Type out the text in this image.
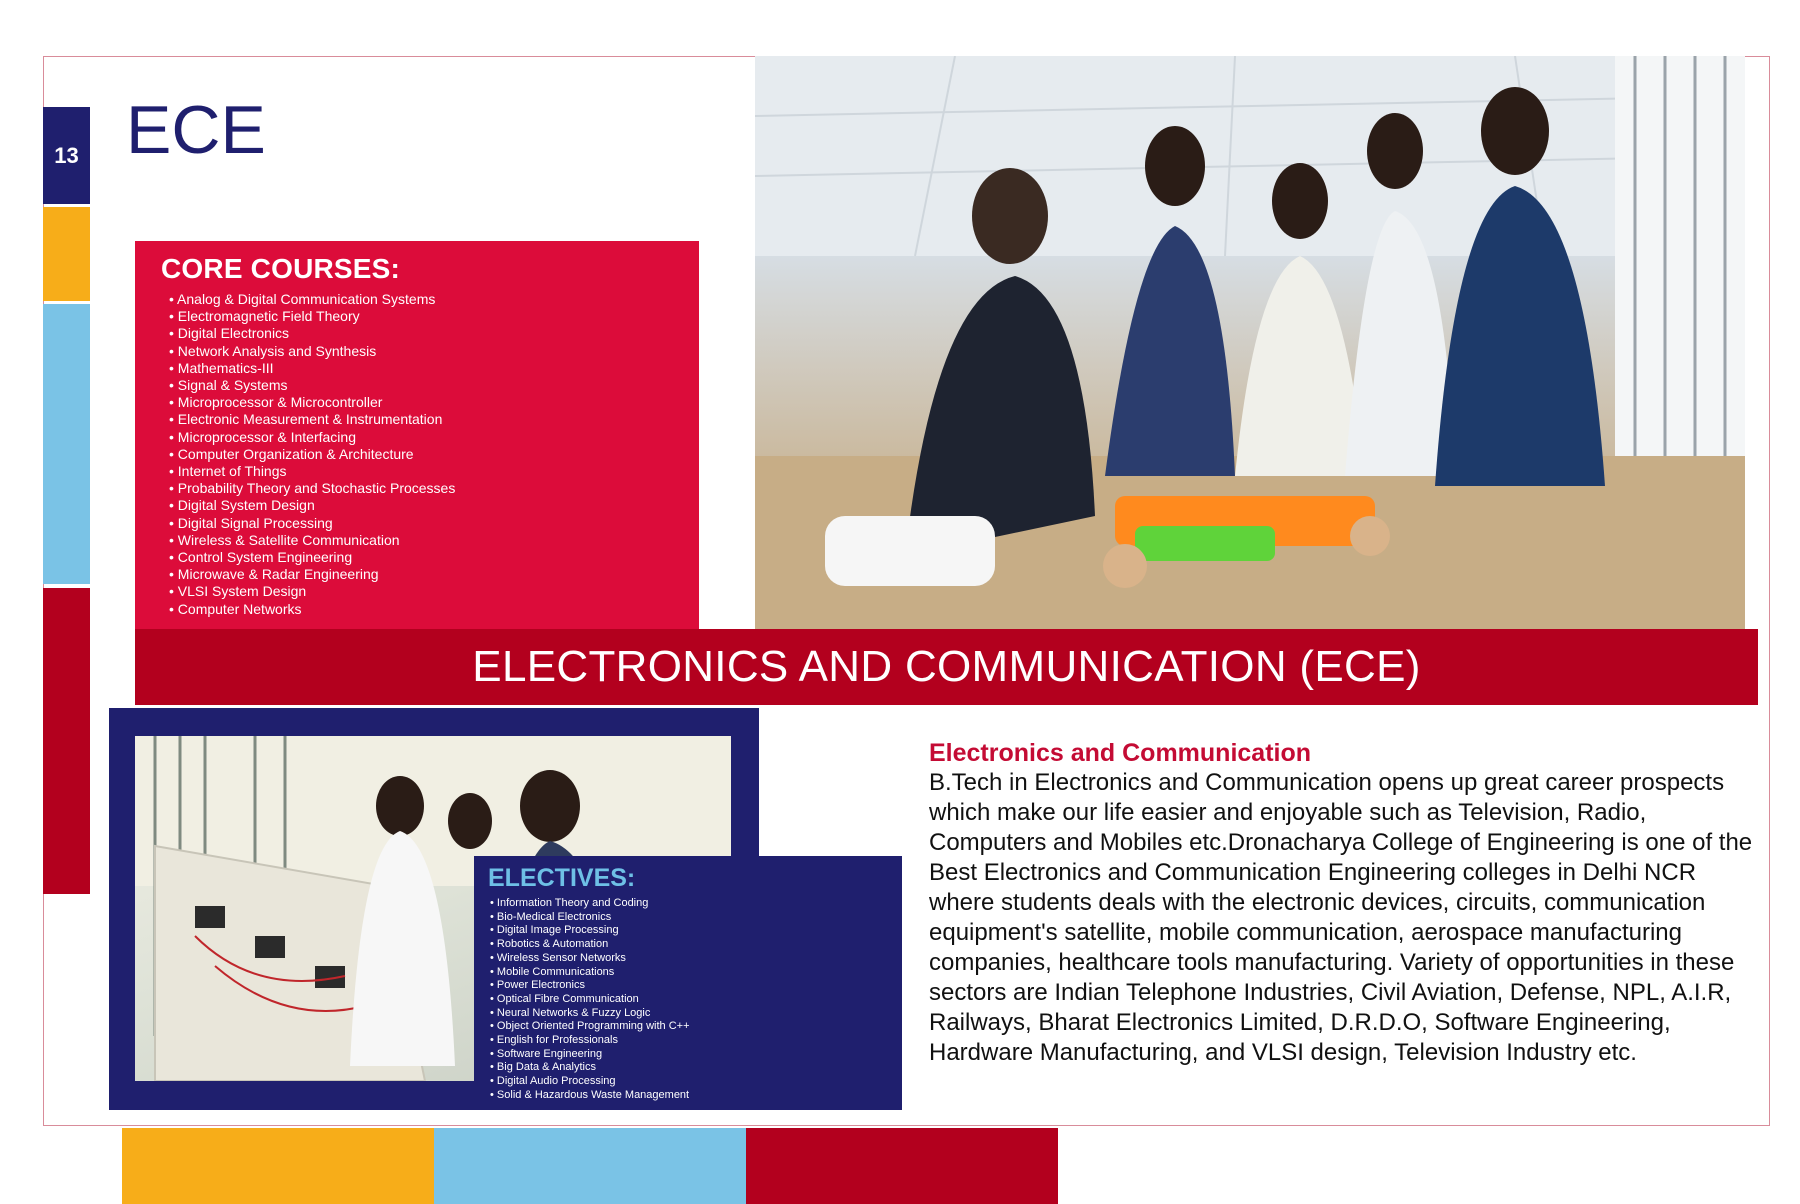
13 ECE
CORE COURSES:
• Analog & Digital Communication Systems
• Electromagnetic Field Theory
• Digital Electronics
• Network Analysis and Synthesis
• Mathematics-III
• Signal & Systems
• Microprocessor & Microcontroller
• Electronic Measurement & Instrumentation
• Microprocessor & Interfacing
• Computer Organization & Architecture
• Internet of Things
• Probability Theory and Stochastic Processes
• Digital System Design
• Digital Signal Processing
• Wireless & Satellite Communication
• Control System Engineering
• Microwave & Radar Engineering
• VLSI System Design
• Computer Networks
ELECTRONICS AND COMMUNICATION (ECE)
ELECTIVES:
• Information Theory and Coding
• Bio-Medical Electronics
• Digital Image Processing
• Robotics & Automation
• Wireless Sensor Networks
• Mobile Communications
• Power Electronics
• Optical Fibre Communication
• Neural Networks & Fuzzy Logic
• Object Oriented Programming with C++
• English for Professionals
• Software Engineering
• Big Data & Analytics
• Digital Audio Processing
• Solid & Hazardous Waste Management
Electronics and Communication

B.Tech in Electronics and Communication opens up great career prospects which make our life easier and enjoyable such as Television, Radio, Computers and Mobiles etc.Dronacharya College of Engineering is one of the Best Electronics and Communication Engineering colleges in Delhi NCR where students deals with the electronic devices, circuits, communication equipment's satellite, mobile communication, aerospace manufacturing companies, healthcare tools manufacturing. Variety of opportunities in these sectors are Indian Telephone Industries, Civil Aviation, Defense, NPL, A.I.R, Railways, Bharat Electronics Limited, D.R.D.O, Software Engineering, Hardware Manufacturing, and VLSI design, Television Industry etc.
